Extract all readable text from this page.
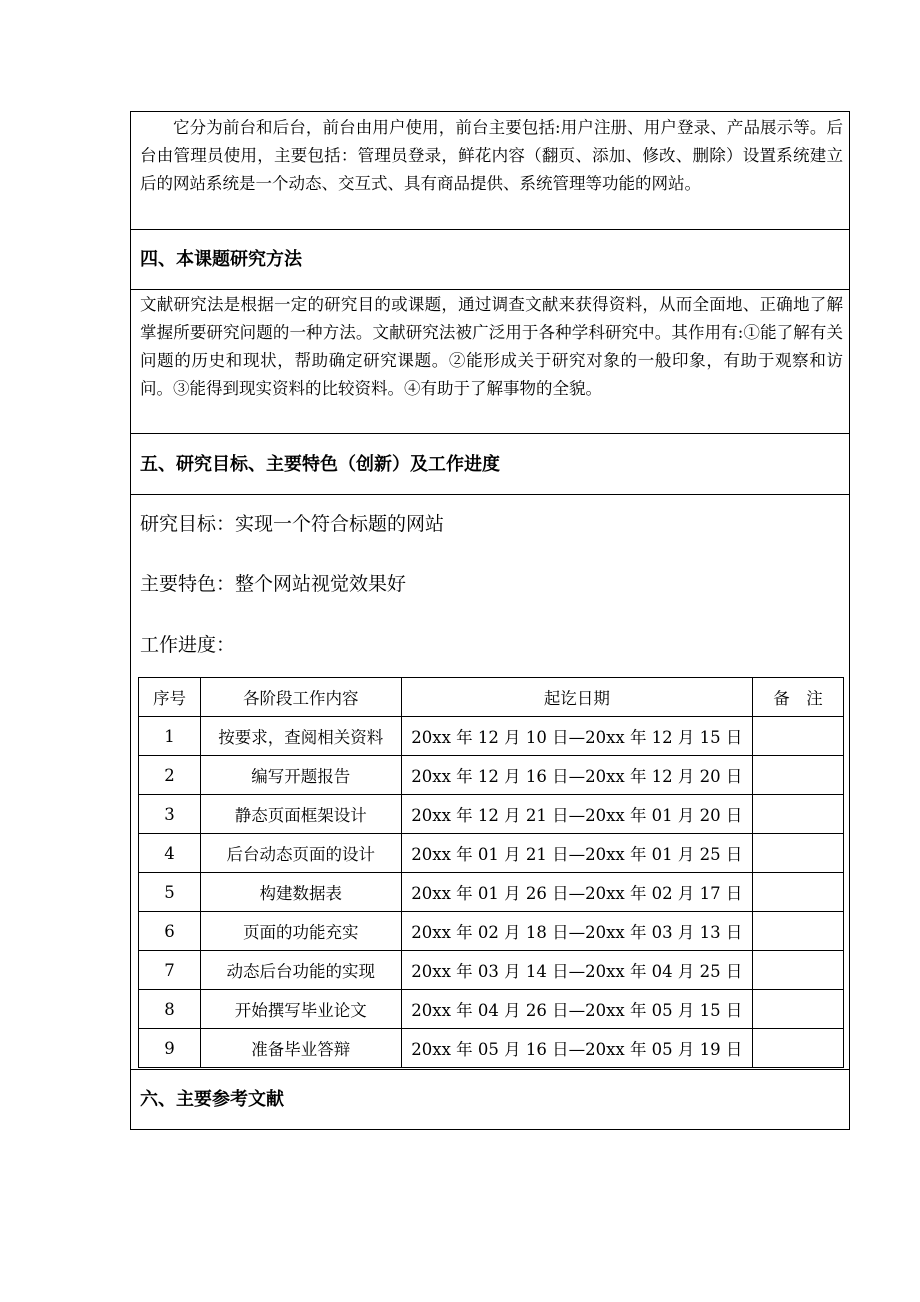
它分为前台和后台，前台由用户使用，前台主要包括:用户注册、用户登录、产品展示等。后台由管理员使用，主要包括：管理员登录，鲜花内容（翻页、添加、修改、删除）设置系统建立后的网站系统是一个动态、交互式、具有商品提供、系统管理等功能的网站。
四、本课题研究方法
文献研究法是根据一定的研究目的或课题，通过调查文献来获得资料，从而全面地、正确地了解掌握所要研究问题的一种方法。文献研究法被广泛用于各种学科研究中。其作用有:①能了解有关问题的历史和现状，帮助确定研究课题。②能形成关于研究对象的一般印象，有助于观察和访问。③能得到现实资料的比较资料。④有助于了解事物的全貌。
五、研究目标、主要特色（创新）及工作进度
研究目标：实现一个符合标题的网站
主要特色：整个网站视觉效果好
工作进度：
序号	各阶段工作内容	起讫日期	备　注
1	按要求，查阅相关资料	20xx 年 12 月 10 日—20xx 年 12 月 15 日	
2	编写开题报告	20xx 年 12 月 16 日—20xx 年 12 月 20 日	
3	静态页面框架设计	20xx 年 12 月 21 日—20xx 年 01 月 20 日	
4	后台动态页面的设计	20xx 年 01 月 21 日—20xx 年 01 月 25 日	
5	构建数据表	20xx 年 01 月 26 日—20xx 年 02 月 17 日	
6	页面的功能充实	20xx 年 02 月 18 日—20xx 年 03 月 13 日	
7	动态后台功能的实现	20xx 年 03 月 14 日—20xx 年 04 月 25 日	
8	开始撰写毕业论文	20xx 年 04 月 26 日—20xx 年 05 月 15 日	
9	准备毕业答辩	20xx 年 05 月 16 日—20xx 年 05 月 19 日	
六、主要参考文献
